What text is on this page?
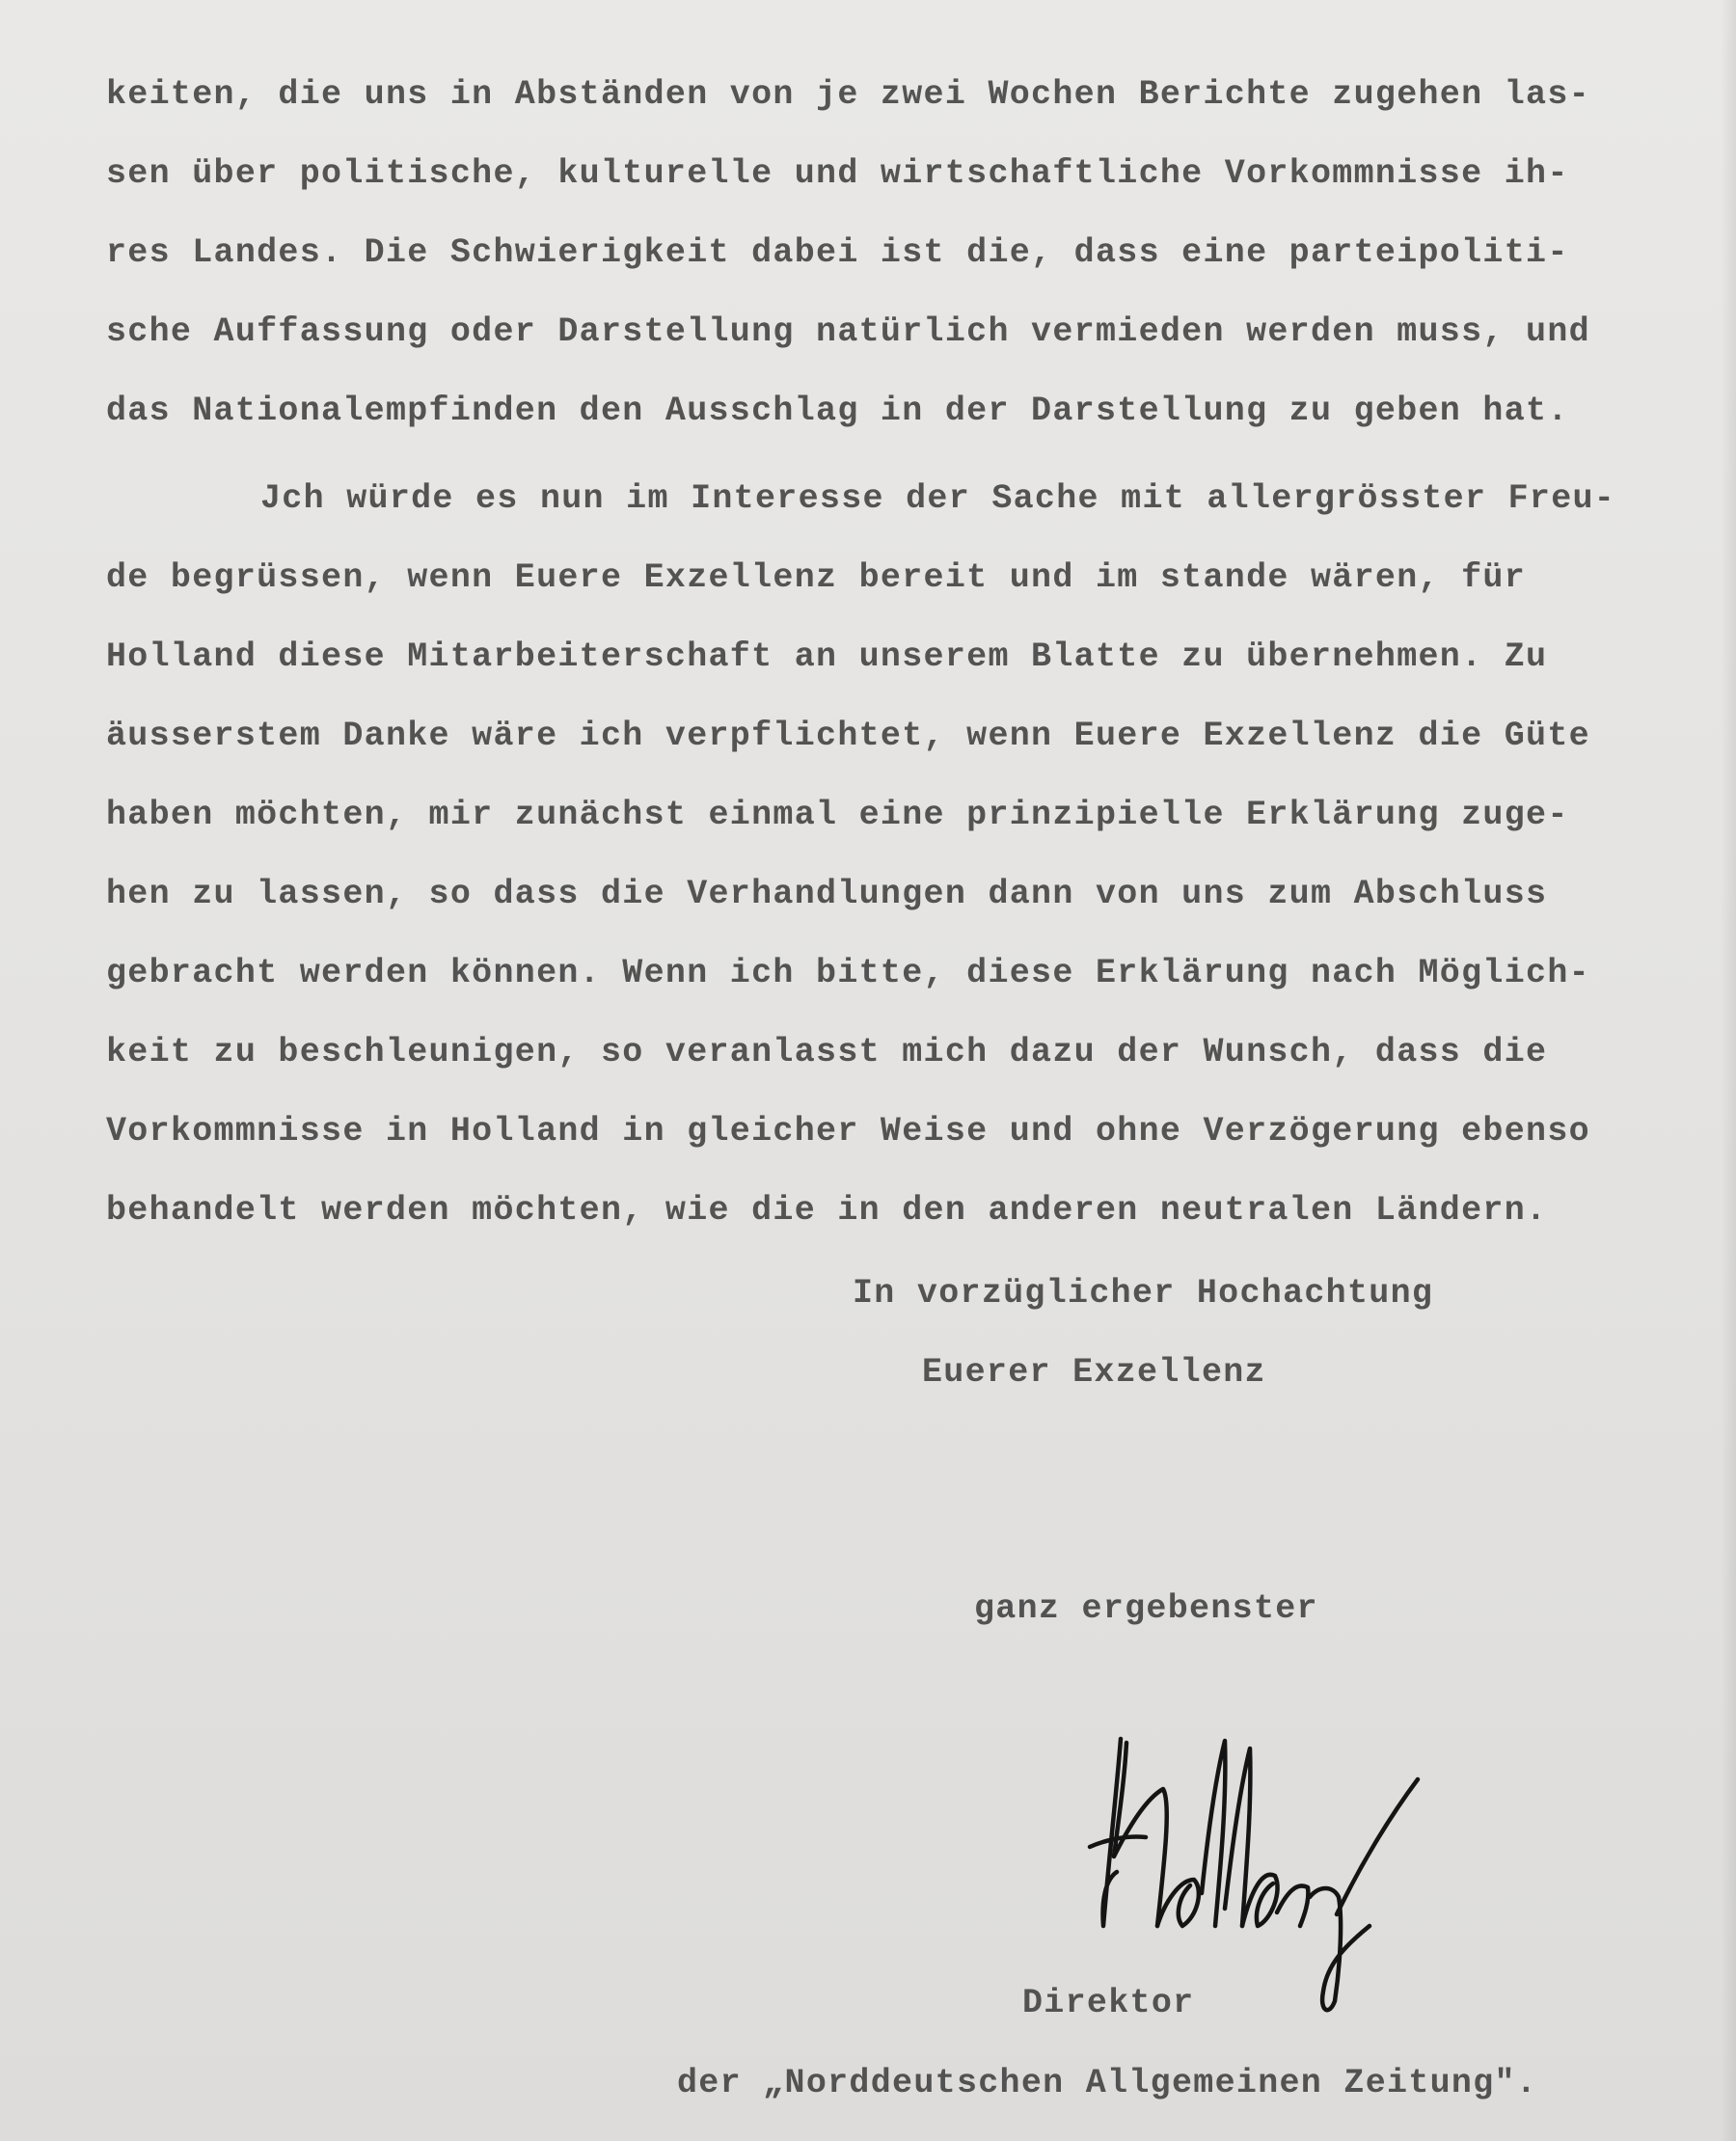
keiten, die uns in Abständen von je zwei Wochen Berichte zugehen las-
sen über politische, kulturelle und wirtschaftliche Vorkommnisse ih-
res Landes. Die Schwierigkeit dabei ist die, dass eine parteipoliti-
sche Auffassung oder Darstellung natürlich vermieden werden muss, und
das Nationalempfinden den Ausschlag in der Darstellung zu geben hat.
Jch würde es nun im Interesse der Sache mit allergrösster Freu-
de begrüssen, wenn Euere Exzellenz bereit und im stande wären, für
Holland diese Mitarbeiterschaft an unserem Blatte zu übernehmen. Zu
äusserstem Danke wäre ich verpflichtet, wenn Euere Exzellenz die Güte
haben möchten, mir zunächst einmal eine prinzipielle Erklärung zuge-
hen zu lassen, so dass die Verhandlungen dann von uns zum Abschluss
gebracht werden können. Wenn ich bitte, diese Erklärung nach Möglich-
keit zu beschleunigen, so veranlasst mich dazu der Wunsch, dass die
Vorkommnisse in Holland in gleicher Weise und ohne Verzögerung ebenso
behandelt werden möchten, wie die in den anderen neutralen Ländern.
In vorzüglicher Hochachtung
Euerer Exzellenz
ganz ergebenster
Direktor
der „Norddeutschen Allgemeinen Zeitung".
